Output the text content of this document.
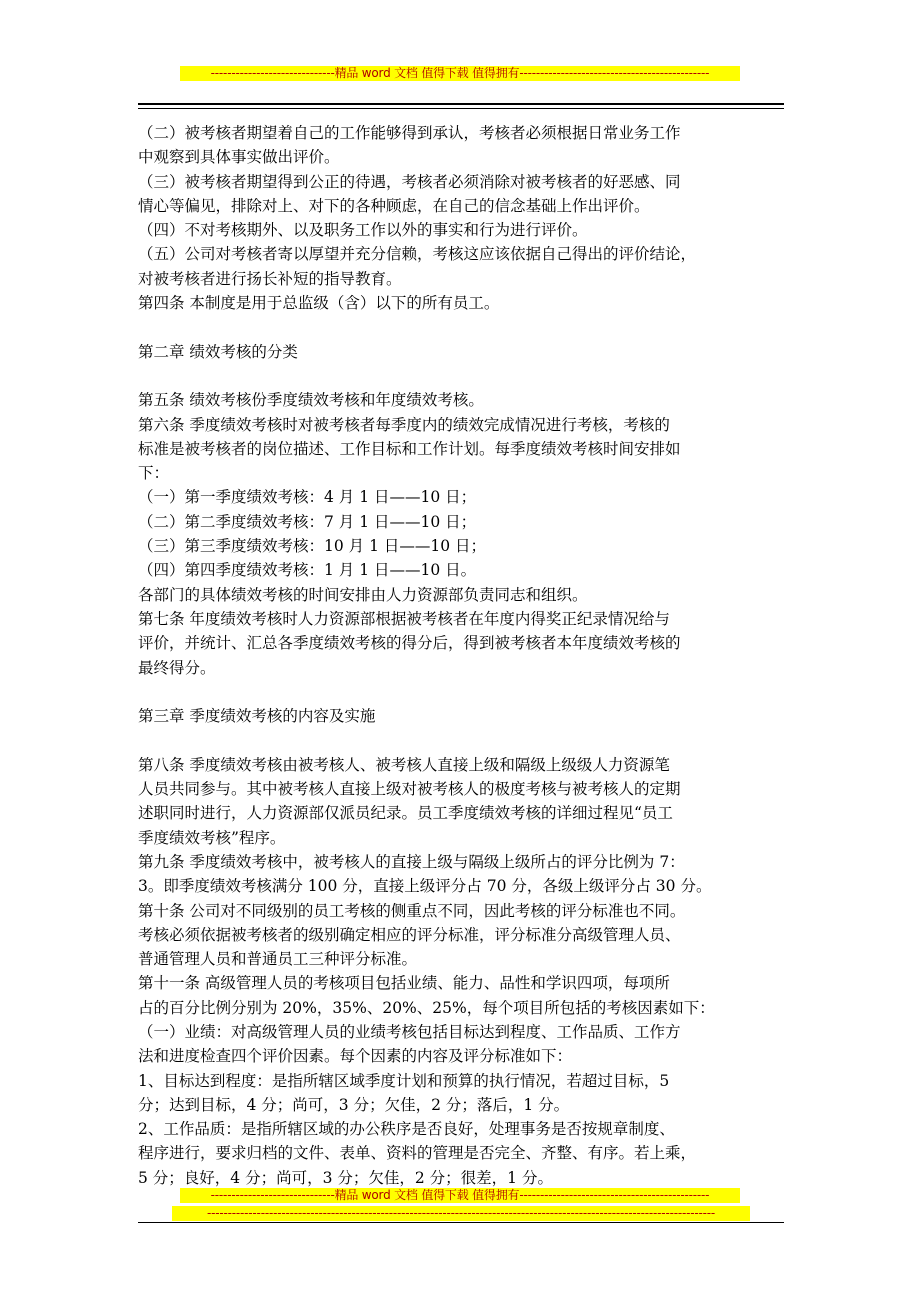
------------------------------精品 word 文档 值得下载 值得拥有----------------------------------------------
（二）被考核者期望着自己的工作能够得到承认，考核者必须根据日常业务工作
中观察到具体事实做出评价。
（三）被考核者期望得到公正的待遇，考核者必须消除对被考核者的好恶感、同
情心等偏见，排除对上、对下的各种顾虑，在自己的信念基础上作出评价。
（四）不对考核期外、以及职务工作以外的事实和行为进行评价。
（五）公司对考核者寄以厚望并充分信赖，考核这应该依据自己得出的评价结论，
对被考核者进行扬长补短的指导教育。
第四条 本制度是用于总监级（含）以下的所有员工。
第二章 绩效考核的分类
第五条 绩效考核份季度绩效考核和年度绩效考核。
第六条 季度绩效考核时对被考核者每季度内的绩效完成情况进行考核，考核的
标准是被考核者的岗位描述、工作目标和工作计划。每季度绩效考核时间安排如
下：
（一）第一季度绩效考核：4 月 1 日——10 日；
（二）第二季度绩效考核：7 月 1 日——10 日；
（三）第三季度绩效考核：10 月 1 日——10 日；
（四）第四季度绩效考核：1 月 1 日——10 日。
各部门的具体绩效考核的时间安排由人力资源部负责同志和组织。
第七条 年度绩效考核时人力资源部根据被考核者在年度内得奖正纪录情况给与
评价，并统计、汇总各季度绩效考核的得分后，得到被考核者本年度绩效考核的
最终得分。
第三章 季度绩效考核的内容及实施
第八条 季度绩效考核由被考核人、被考核人直接上级和隔级上级级人力资源笔
人员共同参与。其中被考核人直接上级对被考核人的极度考核与被考核人的定期
述职同时进行，人力资源部仅派员纪录。员工季度绩效考核的详细过程见“员工
季度绩效考核”程序。
第九条 季度绩效考核中，被考核人的直接上级与隔级上级所占的评分比例为 7：
3。即季度绩效考核满分 100 分，直接上级评分占 70 分，各级上级评分占 30 分。
第十条 公司对不同级别的员工考核的侧重点不同，因此考核的评分标准也不同。
考核必须依据被考核者的级别确定相应的评分标准，评分标准分高级管理人员、
普通管理人员和普通员工三种评分标准。
第十一条 高级管理人员的考核项目包括业绩、能力、品性和学识四项，每项所
占的百分比例分别为 20%，35%、20%、25%，每个项目所包括的考核因素如下：
（一）业绩：对高级管理人员的业绩考核包括目标达到程度、工作品质、工作方
法和进度检查四个评价因素。每个因素的内容及评分标准如下：
1、目标达到程度：是指所辖区域季度计划和预算的执行情况，若超过目标，5
分；达到目标，4 分；尚可，3 分；欠佳，2 分；落后，1 分。
2、工作品质：是指所辖区域的办公秩序是否良好，处理事务是否按规章制度、
程序进行，要求归档的文件、表单、资料的管理是否完全、齐整、有序。若上乘，
5 分；良好，4 分；尚可，3 分；欠佳，2 分；很差，1 分。
------------------------------精品 word 文档 值得下载 值得拥有----------------------------------------------
---------------------------------------------------------------------------------------------------------------------------
